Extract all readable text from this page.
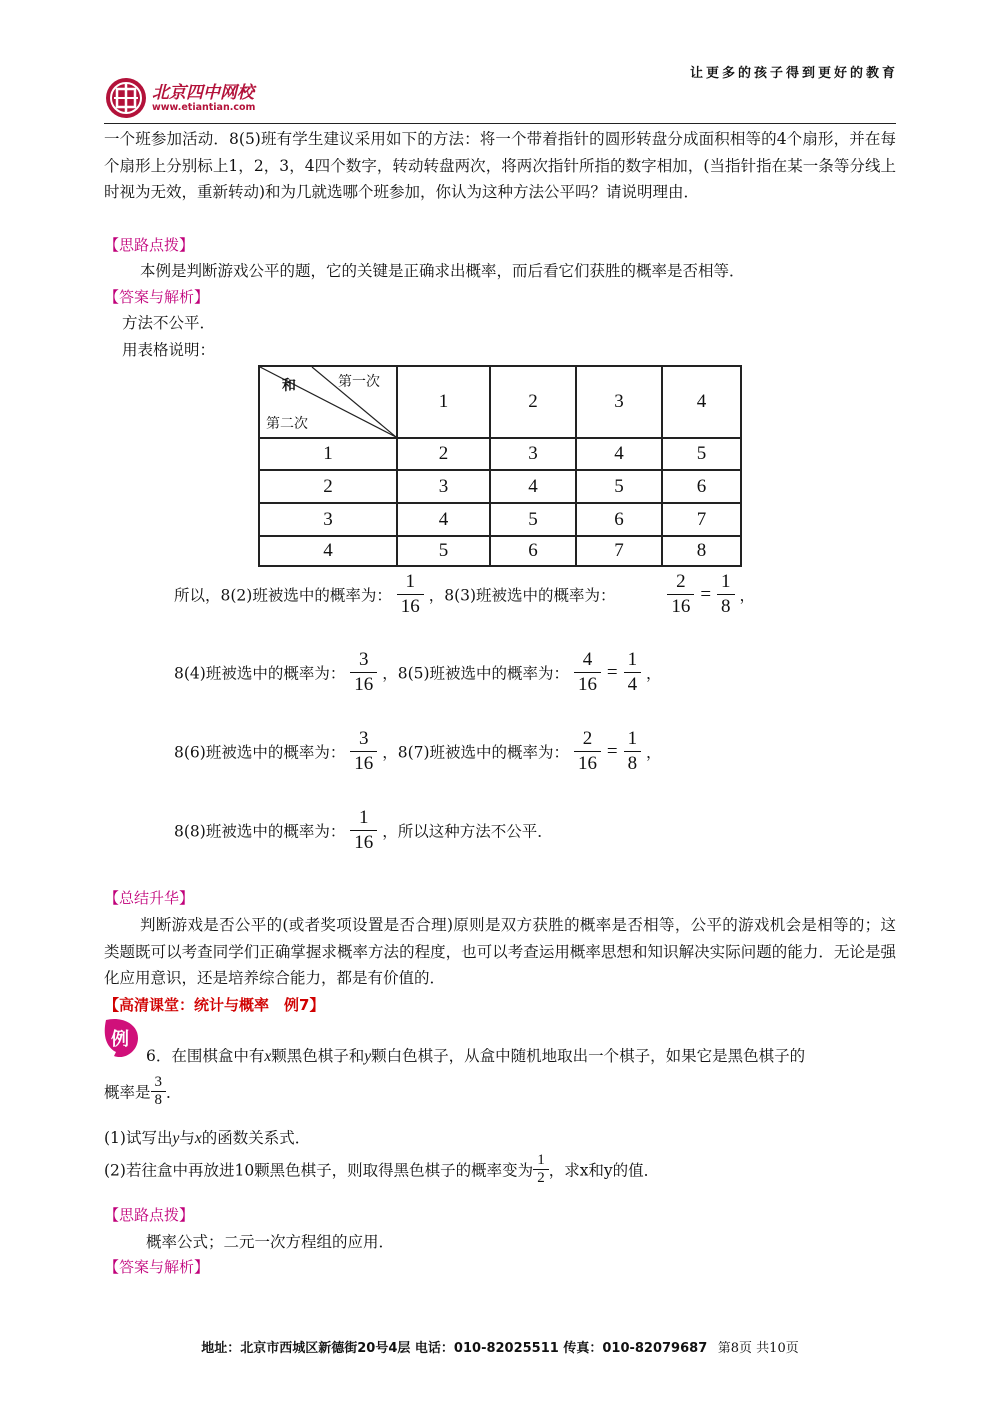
让更多的孩子得到更好的教育
北京四中网校
www.etiantian.com
一个班参加活动．8(5)班有学生建议采用如下的方法：将一个带着指针的圆形转盘分成面积相等的4个扇形，并在每个扇形上分别标上1，2，3，4四个数字，转动转盘两次，将两次指针所指的数字相加，(当指针指在某一条等分线上时视为无效，重新转动)和为几就选哪个班参加，你认为这种方法公平吗？请说明理由．
【思路点拨】
本例是判断游戏公平的题，它的关键是正确求出概率，而后看它们获胜的概率是否相等．
【答案与解析】
方法不公平．
用表格说明：
和 第一次
第二次	1	2	3	4
1	2	3	4	5
2	3	4	5	6
3	4	5	6	7
4	5	6	7	8
所以，8(2)班被选中的概率为： $\frac{1}{16}$ ，8(3)班被选中的概率为：	$\frac{2}{16} = \frac{1}{8}$ ，
8(4)班被选中的概率为： $\frac{3}{16}$ ，8(5)班被选中的概率为： $\frac{4}{16} = \frac{1}{4}$ ，
8(6)班被选中的概率为： $\frac{3}{16}$ ，8(7)班被选中的概率为： $\frac{2}{16} = \frac{1}{8}$ ，
8(8)班被选中的概率为： $\frac{1}{16}$ ，所以这种方法不公平．
【总结升华】
判断游戏是否公平的(或者奖项设置是否合理)原则是双方获胜的概率是否相等，公平的游戏机会是相等的；这类题既可以考查同学们正确掌握求概率方法的程度，也可以考查运用概率思想和知识解决实际问题的能力．无论是强化应用意识，还是培养综合能力，都是有价值的．
【高清课堂：统计与概率　例7】
例
6．在围棋盒中有x颗黑色棋子和y颗白色棋子，从盒中随机地取出一个棋子，如果它是黑色棋子的
概率是 $\frac{3}{8}$ ．
(1)试写出y与x的函数关系式．
(2)若往盒中再放进10颗黑色棋子，则取得黑色棋子的概率变为 $\frac{1}{2}$ ，求x和y的值．
【思路点拨】
概率公式；二元一次方程组的应用．
【答案与解析】
地址：北京市西城区新德街20号4层 电话：010-82025511 传真：010-82079687 第8页 共10页
